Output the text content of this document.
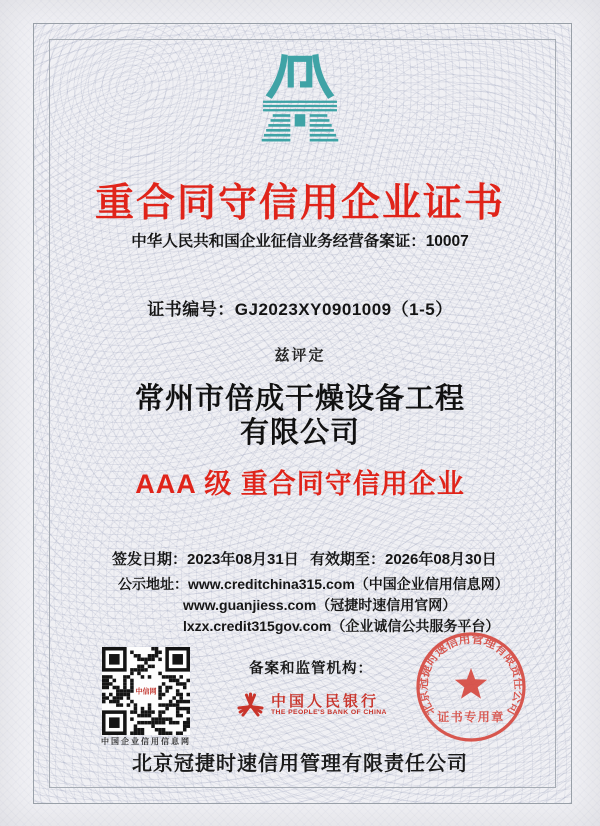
重合同守信用企业证书
中华人民共和国企业征信业务经营备案证：10007
证书编号：GJ2023XY0901009（1-5）
兹评定
常州市倍成干燥设备工程
有限公司
AAA 级 重合同守信用企业
签发日期：2023年08月31日 有效期至：2026年08月30日
公示地址：www.creditchina315.com（中国企业信用信息网）
www.guanjiess.com（冠捷时速信用官网）
lxzx.credit315gov.com（企业诚信公共服务平台）
中信网
中国企业信用信息网
备案和监管机构：
中国人民银行
THE PEOPLE'S BANK OF CHINA	北京冠捷时速信用管理有限责任公司
证书专用章
北京冠捷时速信用管理有限责任公司
